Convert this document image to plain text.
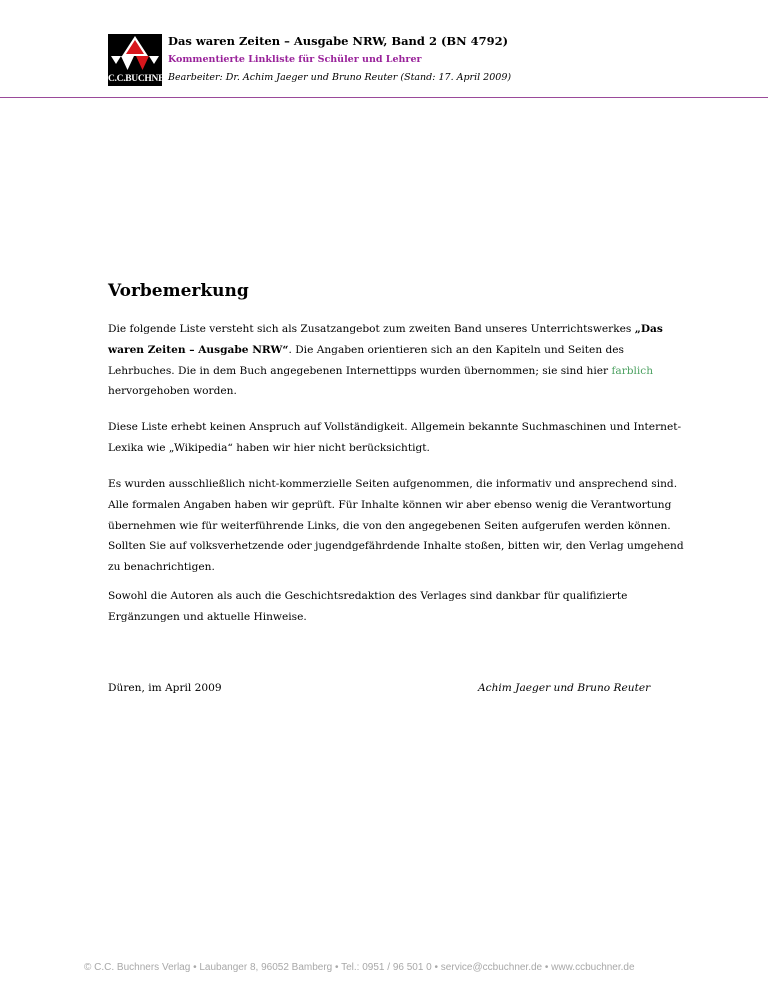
C.C.BUCHNER
Das waren Zeiten – Ausgabe NRW, Band 2 (BN 4792)
Kommentierte Linkliste für Schüler und Lehrer
Bearbeiter: Dr. Achim Jaeger und Bruno Reuter (Stand: 17. April 2009)
Vorbemerkung

Die folgende Liste versteht sich als Zusatzangebot zum zweiten Band unseres Unterrichtswerkes „Das waren Zeiten – Ausgabe NRW“. Die Angaben orientieren sich an den Kapiteln und Seiten des Lehrbuches. Die in dem Buch angegebenen Internettipps wurden übernommen; sie sind hier farblich hervorgehoben worden.

Diese Liste erhebt keinen Anspruch auf Vollständigkeit. Allgemein bekannte Suchmaschinen und Internet-Lexika wie „Wikipedia“ haben wir hier nicht berücksichtigt.

Es wurden ausschließlich nicht-kommerzielle Seiten aufgenommen, die informativ und ansprechend sind. Alle formalen Angaben haben wir geprüft. Für Inhalte können wir aber ebenso wenig die Verantwortung übernehmen wie für weiterführende Links, die von den angegebenen Seiten aufgerufen werden können. Sollten Sie auf volksverhetzende oder jugendgefährdende Inhalte stoßen, bitten wir, den Verlag umgehend zu benachrichtigen.

Sowohl die Autoren als auch die Geschichtsredaktion des Verlages sind dankbar für qualifizierte Ergänzungen und aktuelle Hinweise.

Düren, im April 2009	Achim Jaeger und Bruno Reuter
© C.C. Buchners Verlag • Laubanger 8, 96052 Bamberg • Tel.: 0951 / 96 501 0 • service@ccbuchner.de • www.ccbuchner.de
